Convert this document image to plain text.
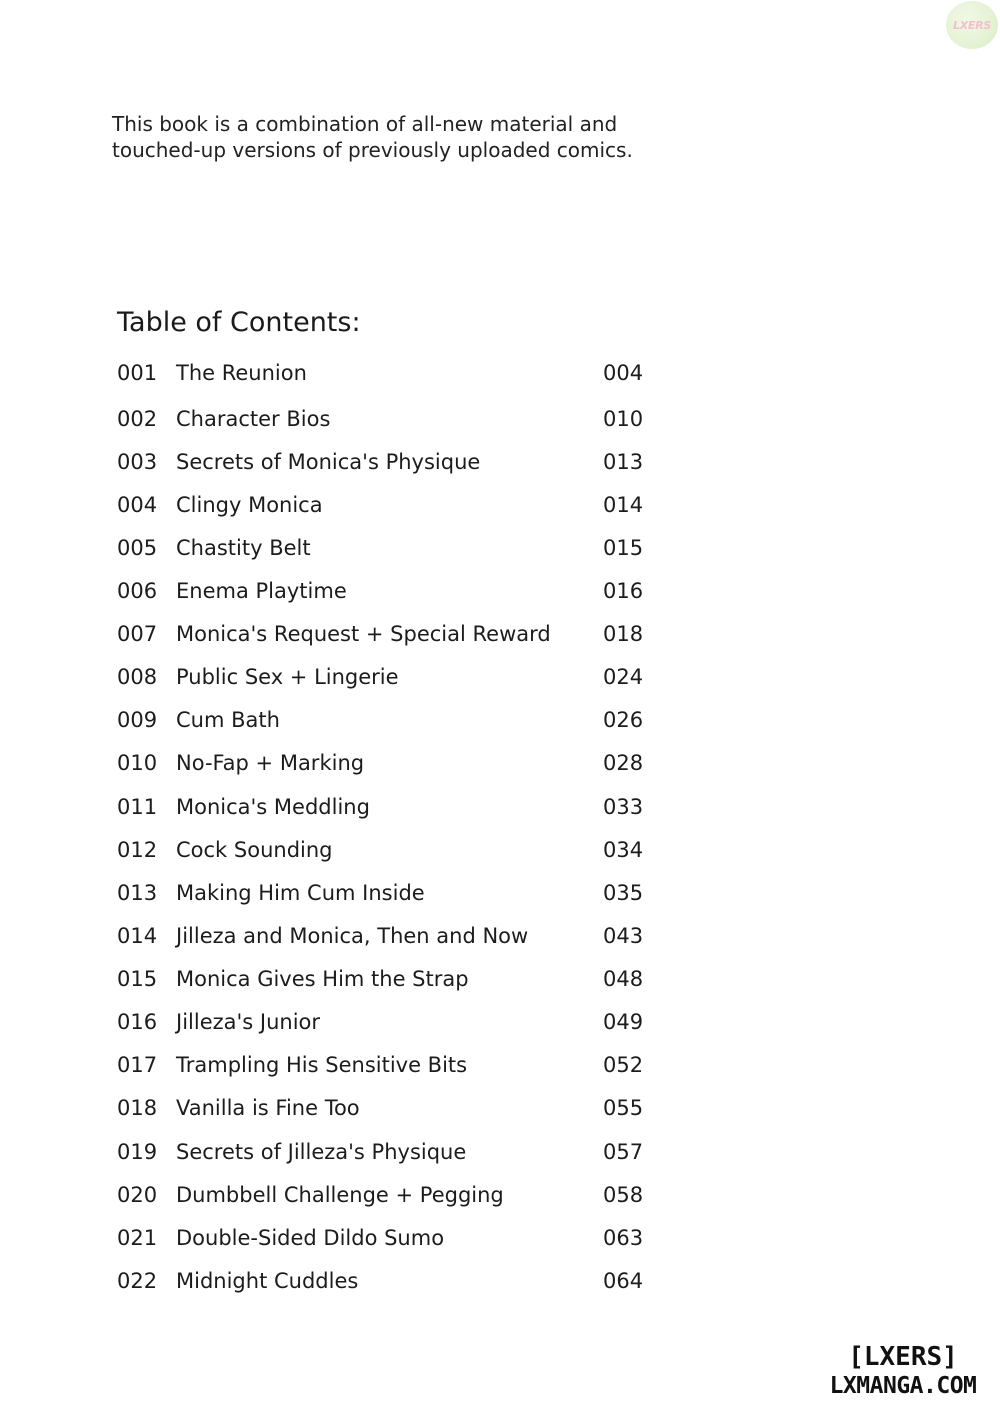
LXERS

This book is a combination of all-new material and

touched-up versions of previously uploaded comics.

Table of Contents:
001 The Reunion	004
002 Character Bios	010
003 Secrets of Monica's Physique	013
004 Clingy Monica	014
005 Chastity Belt	015
006 Enema Playtime	016
007 Monica's Request + Special Reward 018
008 Public Sex + Lingerie	024
009 Cum Bath	026
010 No-Fap + Marking	028
011 Monica's Meddling	033
012 Cock Sounding	034
013 Making Him Cum Inside	035
014 Jilleza and Monica, Then and Now	043
015 Monica Gives Him the Strap	048
016 Jilleza's Junior	049
017 Trampling His Sensitive Bits	052
018 Vanilla is Fine Too	055
019 Secrets of Jilleza's Physique	057
020 Dumbbell Challenge + Pegging	058
021 Double-Sided Dildo Sumo	063
022 Midnight Cuddles	064
[LXERS]
LXMANGA.COM
